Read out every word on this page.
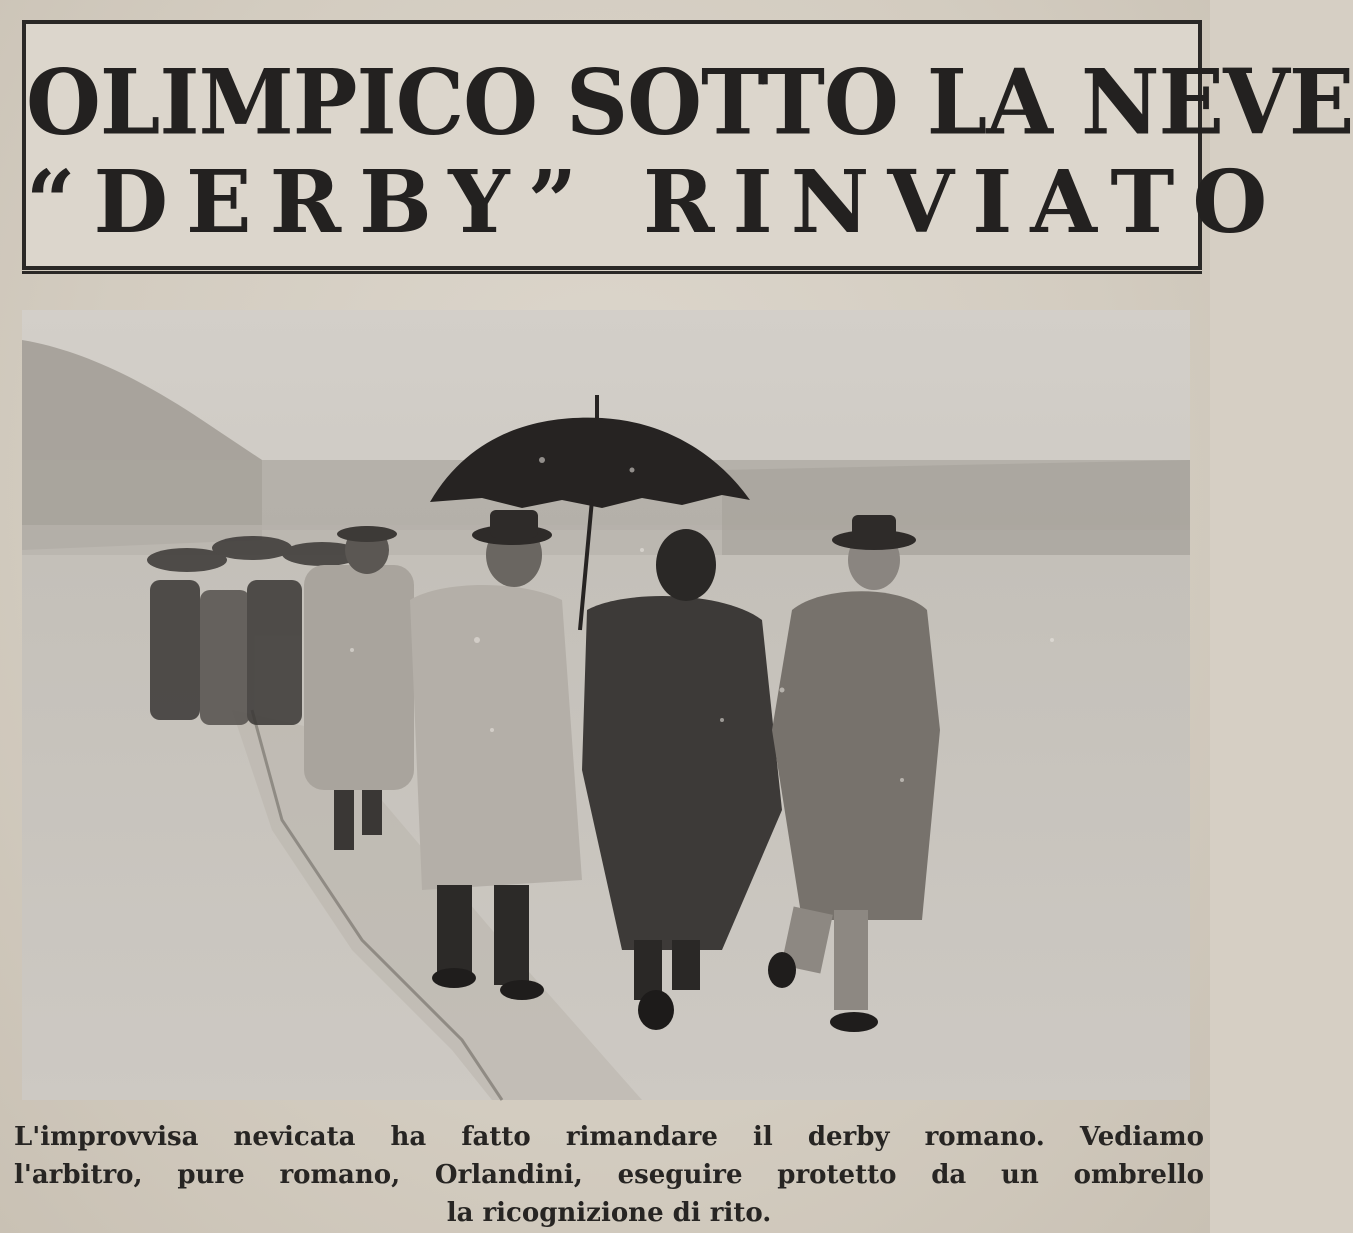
OLIMPICO SOTTO LA NEVE
“DERBY” RINVIATO
L'improvvisa nevicata ha fatto rimandare il derby romano. Vediamo
l'arbitro, pure romano, Orlandini, eseguire protetto da un ombrello
la ricognizione di rito.
